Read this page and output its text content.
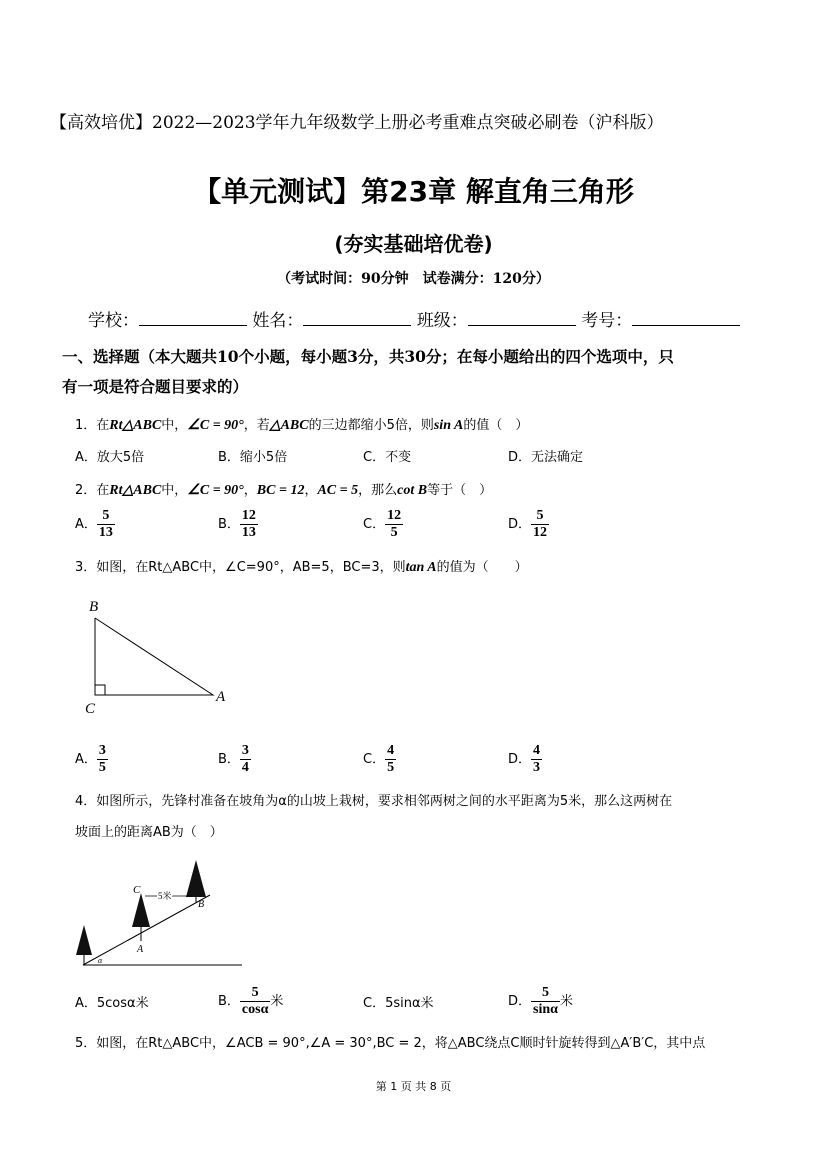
【高效培优】2022—2023学年九年级数学上册必考重难点突破必刷卷（沪科版）
【单元测试】第23章 解直角三角形
(夯实基础培优卷)
（考试时间：90分钟　试卷满分：120分）
学校：	姓名：	班级：	考号：
一、选择题（本大题共10个小题，每小题3分，共30分；在每小题给出的四个选项中，只
有一项是符合题目要求的）
1．在Rt△ABC中，∠C = 90°，若△ABC的三边都缩小5倍，则sin A的值（　）
A．放大5倍	B．缩小5倍	C．不变	D．无法确定
2．在Rt△ABC中，∠C = 90°，BC = 12，AC = 5，那么cot B等于（　）
A． $\frac{5}{13}$	B． $\frac{12}{13}$	C． $\frac{12}{5}$	D． $\frac{5}{12}$
3．如图，在Rt△ABC中，∠C=90°，AB=5，BC=3，则tan A的值为（　　）
B
C
A
A． $\frac{3}{5}$	B． $\frac{3}{4}$	C． $\frac{4}{5}$	D． $\frac{4}{3}$
4．如图所示，先锋村准备在坡角为α的山坡上栽树，要求相邻两树之间的水平距离为5米，那么这两树在
坡面上的距离AB为（　）
C 5米
B
A
α
A．5cosα米	B． $\frac{5}{\cos\alpha}$ 米	C．5sinα米	D． $\frac{5}{\sin\alpha}$ 米
5．如图，在Rt△ABC中，∠ACB = 90°,∠A = 30°,BC = 2，将△ABC绕点C顺时针旋转得到△A′B′C，其中点
第 1 页 共 8 页
